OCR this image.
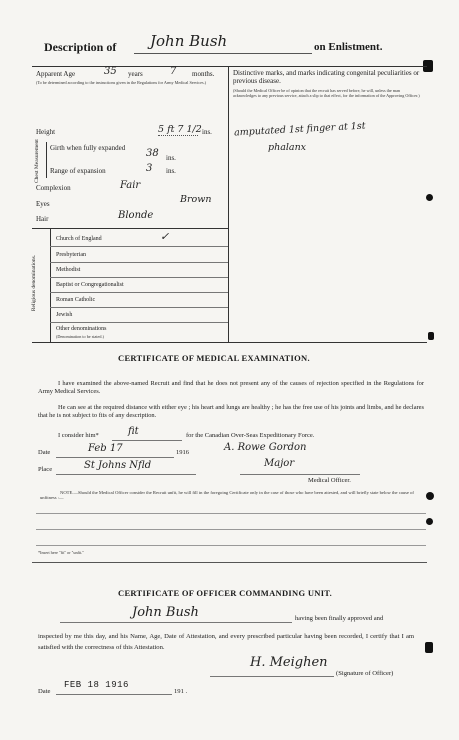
Description of John Bush	on Enlistment.
Apparent Age	35 years	7 months.
(To be determined according to the instructions given in the Regulations for Army Medical Services.)
Distinctive marks, and marks indicating congenital peculiarities or previous disease.
(Should the Medical Officer be of opinion that the recruit has served before, he will, unless the man acknowledges to any previous service, attach a slip to that effect, for the information of the Approving Officer.)
amputated 1st finger at 1st
phalanx
Height	5 ft 7 1/2 ins.
Chest Measurement Girth when fully expanded 38 ins.
Range of expansion	3 ins.
Complexion	Fair
Eyes	Brown
Hair	Blonde
Religious denominations.
Church of England	✓
Presbyterian
Methodist
Baptist or Congregationalist
Roman Catholic
Jewish
Other denominations
(Denomination to be stated.)
CERTIFICATE OF MEDICAL EXAMINATION.
I have examined the above-named Recruit and find that he does not present any of the causes of rejection specified in the Regulations for Army Medical Services.
He can see at the required distance with either eye ; his heart and lungs are healthy ; he has the free use of his joints and limbs, and he declares that he is not subject to fits of any description.
I consider him*	fit	for the Canadian Over-Seas Expeditionary Force.
Date	Feb 17	1916	A. Rowe Gordon
Place	St Johns Nfld	Major
Medical Officer.
NOTE.—Should the Medical Officer consider the Recruit unfit, he will fill in the foregoing Certificate only in the case of those who have been attested, and will briefly state below the cause of unfitness :—
*Insert here "fit" or "unfit."
CERTIFICATE OF OFFICER COMMANDING UNIT.
John Bush	having been finally approved and
inspected by me this day, and his Name, Age, Date of Attestation, and every prescribed particular having been recorded, I certify that I am satisfied with the correctness of this Attestation.
H. Meighen
(Signature of Officer)
Date
FEB 18 1916
191 .
